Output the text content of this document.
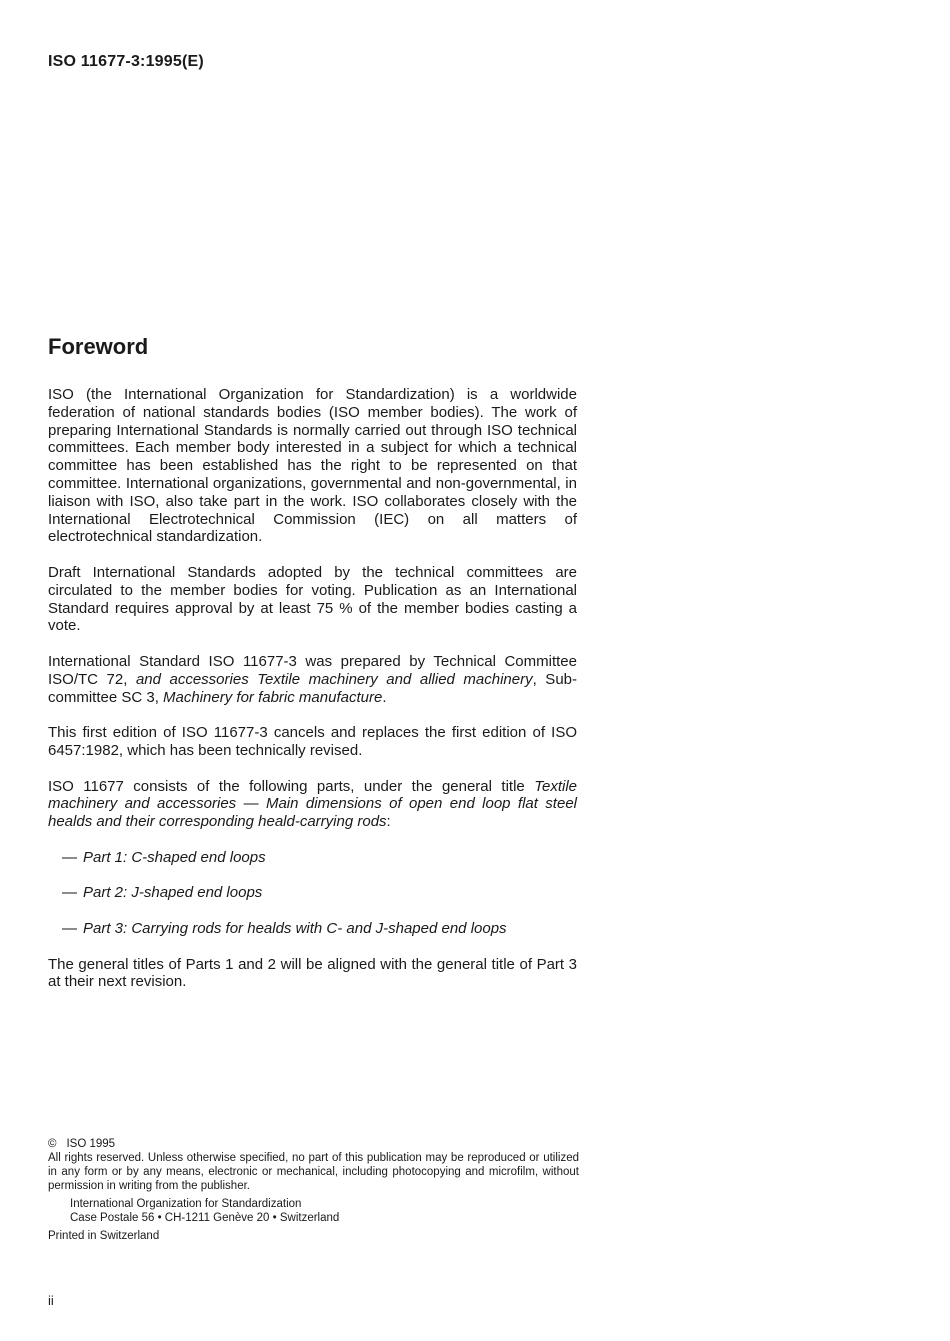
ISO 11677-3:1995(E)
Foreword

ISO (the International Organization for Standardization) is a worldwide federation of national standards bodies (ISO member bodies). The work of preparing International Standards is normally carried out through ISO technical committees. Each member body interested in a subject for which a technical committee has been established has the right to be represented on that committee. International organizations, governmental and non-governmental, in liaison with ISO, also take part in the work. ISO collaborates closely with the International Electrotechnical Commission (IEC) on all matters of electrotechnical standardization.

Draft International Standards adopted by the technical committees are circulated to the member bodies for voting. Publication as an International Standard requires approval by at least 75 % of the member bodies casting a vote.

International Standard ISO 11677-3 was prepared by Technical Committee ISO/TC 72, and accessories Textile machinery and allied machinery, Sub-committee SC 3, Machinery for fabric manufacture.

This first edition of ISO 11677-3 cancels and replaces the first edition of ISO 6457:1982, which has been technically revised.

ISO 11677 consists of the following parts, under the general title Textile machinery and accessories — Main dimensions of open end loop flat steel healds and their corresponding heald-carrying rods:

— Part 1: C-shaped end loops
— Part 2: J-shaped end loops
— Part 3: Carrying rods for healds with C- and J-shaped end loops

The general titles of Parts 1 and 2 will be aligned with the general title of Part 3 at their next revision.

© ISO 1995

All rights reserved. Unless otherwise specified, no part of this publication may be reproduced or utilized in any form or by any means, electronic or mechanical, including photocopying and microfilm, without permission in writing from the publisher.

International Organization for Standardization
Case Postale 56 • CH-1211 Genève 20 • Switzerland

Printed in Switzerland

ii
